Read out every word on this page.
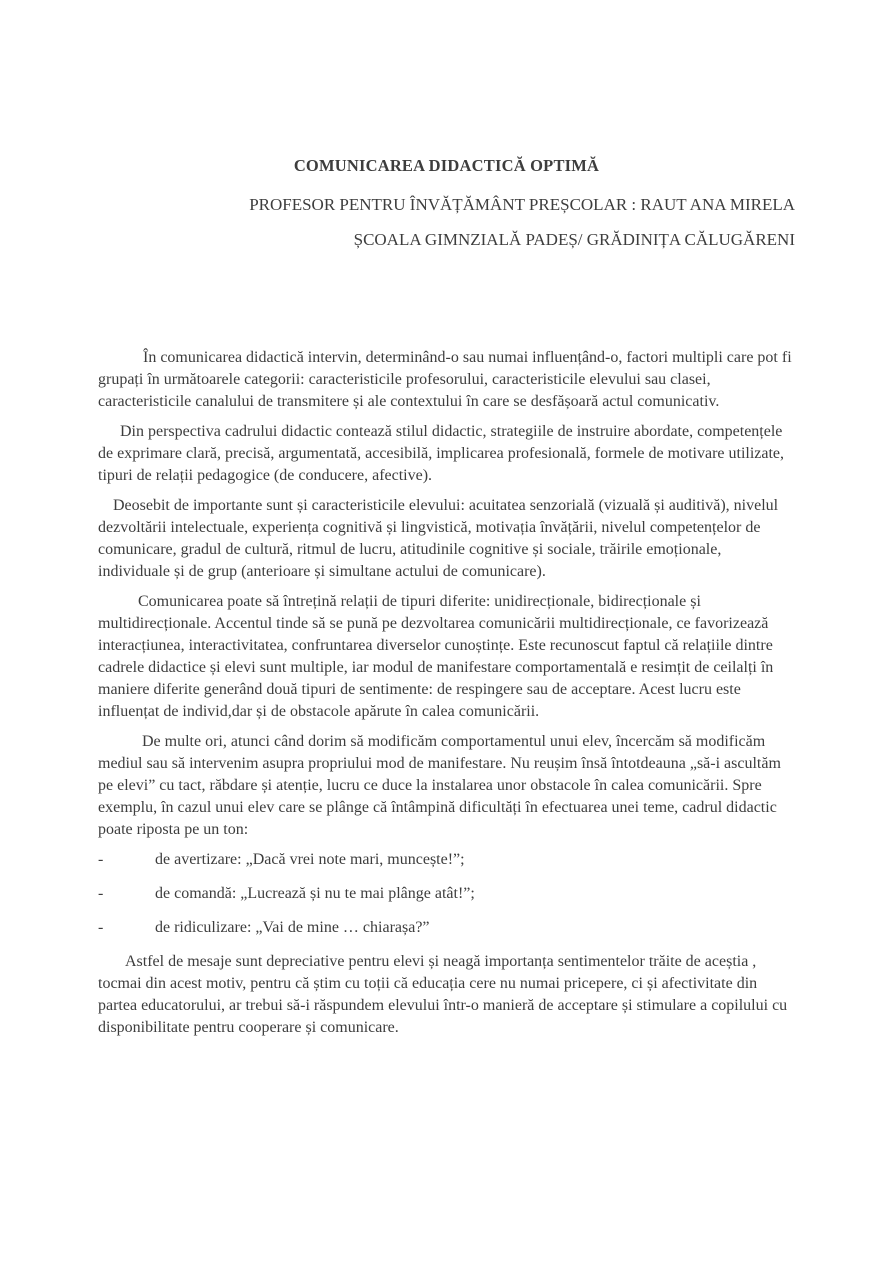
COMUNICAREA DIDACTICĂ OPTIMĂ

PROFESOR PENTRU ÎNVĂȚĂMÂNT PREȘCOLAR : RAUT ANA MIRELA

ȘCOALA GIMNZIALĂ PADEȘ/ GRĂDINIȚA CĂLUGĂRENI

În comunicarea didactică intervin, determinând-o sau numai influențând-o, factori multipli care pot fi grupați în următoarele categorii: caracteristicile profesorului, caracteristicile elevului sau clasei, caracteristicile canalului de transmitere și ale contextului în care se desfășoară actul comunicativ.

Din perspectiva cadrului didactic contează stilul didactic, strategiile de instruire abordate, competențele de exprimare clară, precisă, argumentată, accesibilă, implicarea profesională, formele de motivare utilizate, tipuri de relații pedagogice (de conducere, afective).

Deosebit de importante sunt și caracteristicile elevului: acuitatea senzorială (vizuală și auditivă), nivelul dezvoltării intelectuale, experiența cognitivă și lingvistică, motivația învățării, nivelul competențelor de comunicare, gradul de cultură, ritmul de lucru, atitudinile cognitive și sociale, trăirile emoționale, individuale și de grup (anterioare și simultane actului de comunicare).

Comunicarea poate să întrețină relații de tipuri diferite: unidirecționale, bidirecționale și multidirecționale. Accentul tinde să se pună pe dezvoltarea comunicării multidirecționale, ce favorizează interacțiunea, interactivitatea, confruntarea diverselor cunoștințe. Este recunoscut faptul că relațiile dintre cadrele didactice și elevi sunt multiple, iar modul de manifestare comportamentală e resimțit de ceilalți în maniere diferite generând două tipuri de sentimente: de respingere sau de acceptare. Acest lucru este influențat de individ,dar și de obstacole apărute în calea comunicării.

De multe ori, atunci când dorim să modificăm comportamentul unui elev, încercăm să modificăm mediul sau să intervenim asupra propriului mod de manifestare. Nu reușim însă întotdeauna „să-i ascultăm pe elevi” cu tact, răbdare și atenție, lucru ce duce la instalarea unor obstacole în calea comunicării. Spre exemplu, în cazul unui elev care se plânge că întâmpină dificultăți în efectuarea unei teme, cadrul didactic poate riposta pe un ton:

-	de avertizare: „Dacă vrei note mari, muncește!”;
-	de comandă: „Lucrează și nu te mai plânge atât!”;
-	de ridiculizare: „Vai de mine … chiarașa?”

Astfel de mesaje sunt depreciative pentru elevi și neagă importanța sentimentelor trăite de aceștia , tocmai din acest motiv, pentru că știm cu toții că educația cere nu numai pricepere, ci și afectivitate din partea educatorului, ar trebui să-i răspundem elevului într-o manieră de acceptare și stimulare a copilului cu disponibilitate pentru cooperare și comunicare.
